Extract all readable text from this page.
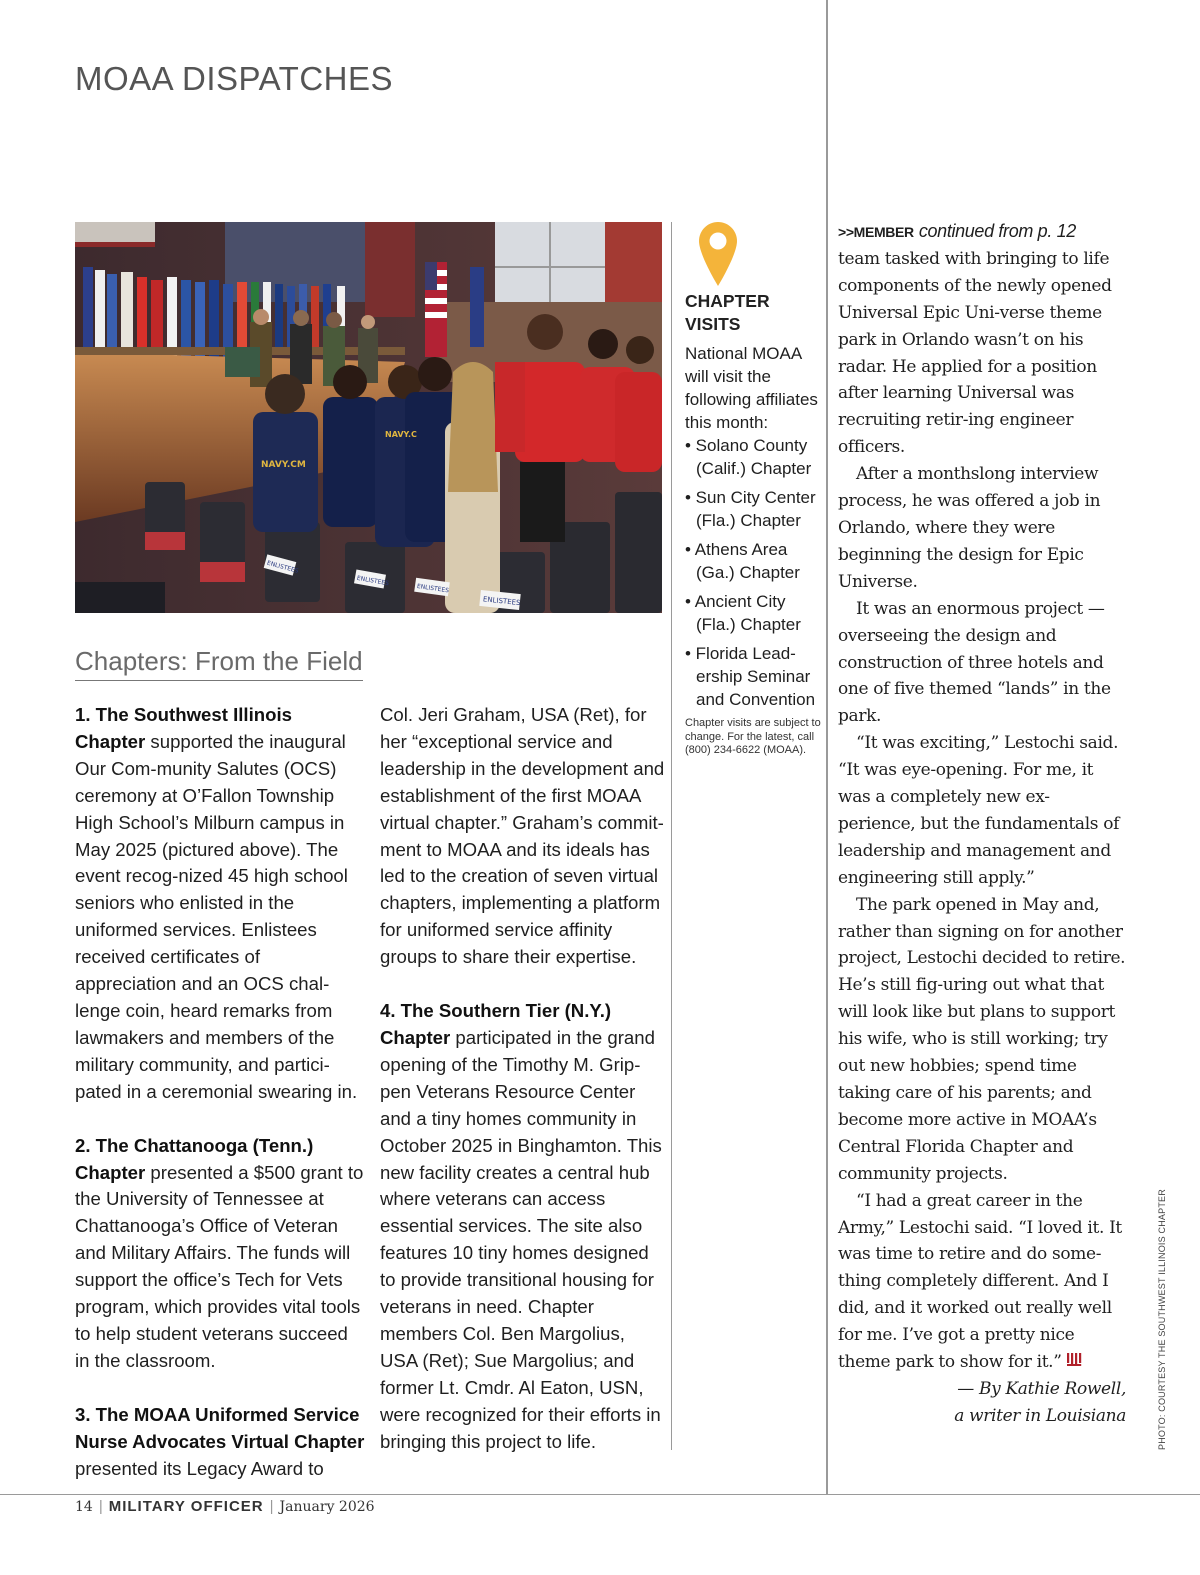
MOAA DISPATCHES
NAVY.CM
NAVY.C
ENLISTEES
ENLISTEES
ENLISTEES
ENLISTEES
Chapters: From the Field

1. The Southwest Illinois Chapter supported the inaugural Our Com-munity Salutes (OCS) ceremony at O’Fallon Township High School’s Milburn campus in May 2025 (pictured above). The event recog-nized 45 high school seniors who enlisted in the uniformed services. Enlistees received certificates of appreciation and an OCS chal-lenge coin, heard remarks from lawmakers and members of the military community, and partici-pated in a ceremonial swearing in.

2. The Chattanooga (Tenn.) Chapter presented a $500 grant to the University of Tennessee at Chattanooga’s Office of Veteran and Military Affairs. The funds will support the office’s Tech for Vets program, which provides vital tools to help student veterans succeed in the classroom.

3. The MOAA Uniformed Service Nurse Advocates Virtual Chapter presented its Legacy Award to

Col. Jeri Graham, USA (Ret), for her “exceptional service and leadership in the development and establishment of the first MOAA virtual chapter.” Graham’s commit-ment to MOAA and its ideals has led to the creation of seven virtual chapters, implementing a platform for uniformed service affinity groups to share their expertise.

4. The Southern Tier (N.Y.) Chapter participated in the grand opening of the Timothy M. Grip-pen Veterans Resource Center and a tiny homes community in October 2025 in Binghamton. This new facility creates a central hub where veterans can access essential services. The site also features 10 tiny homes designed to provide transitional housing for veterans in need. Chapter members Col. Ben Margolius, USA (Ret); Sue Margolius; and former Lt. Cmdr. Al Eaton, USN, were recognized for their efforts in bringing this project to life.

CHAPTER
VISITS
National MOAA will visit the following affiliates this month:
• Solano County (Calif.) Chapter
• Sun City Center (Fla.) Chapter
• Athens Area (Ga.) Chapter
• Ancient City (Fla.) Chapter
• Florida Lead-ership Seminar and Convention
Chapter visits are subject to change. For the latest, call (800) 234-6622 (MOAA).
>>MEMBER continued from p. 12

team tasked with bringing to life components of the newly opened Universal Epic Uni-verse theme park in Orlando wasn’t on his radar. He applied for a position after learning Universal was recruiting retir-ing engineer officers.

After a monthslong interview process, he was offered a job in Orlando, where they were beginning the design for Epic Universe.

It was an enormous project — overseeing the design and construction of three hotels and one of five themed “lands” in the park.

“It was exciting,” Lestochi said. “It was eye-opening. For me, it was a completely new ex-perience, but the fundamentals of leadership and management and engineering still apply.”

The park opened in May and, rather than signing on for another project, Lestochi decided to retire. He’s still fig-uring out what that will look like but plans to support his wife, who is still working; try out new hobbies; spend time taking care of his parents; and become more active in MOAA’s Central Florida Chapter and community projects.

“I had a great career in the Army,” Lestochi said. “I loved it. It was time to retire and do some-thing completely different. And I did, and it worked out really well for me. I’ve got a pretty nice theme park to show for it.”

— By Kathie Rowell,
a writer in Louisiana	PHOTO: COURTESY THE SOUTHWEST ILLINOIS CHAPTER
14 | MILITARY OFFICER | January 2026
